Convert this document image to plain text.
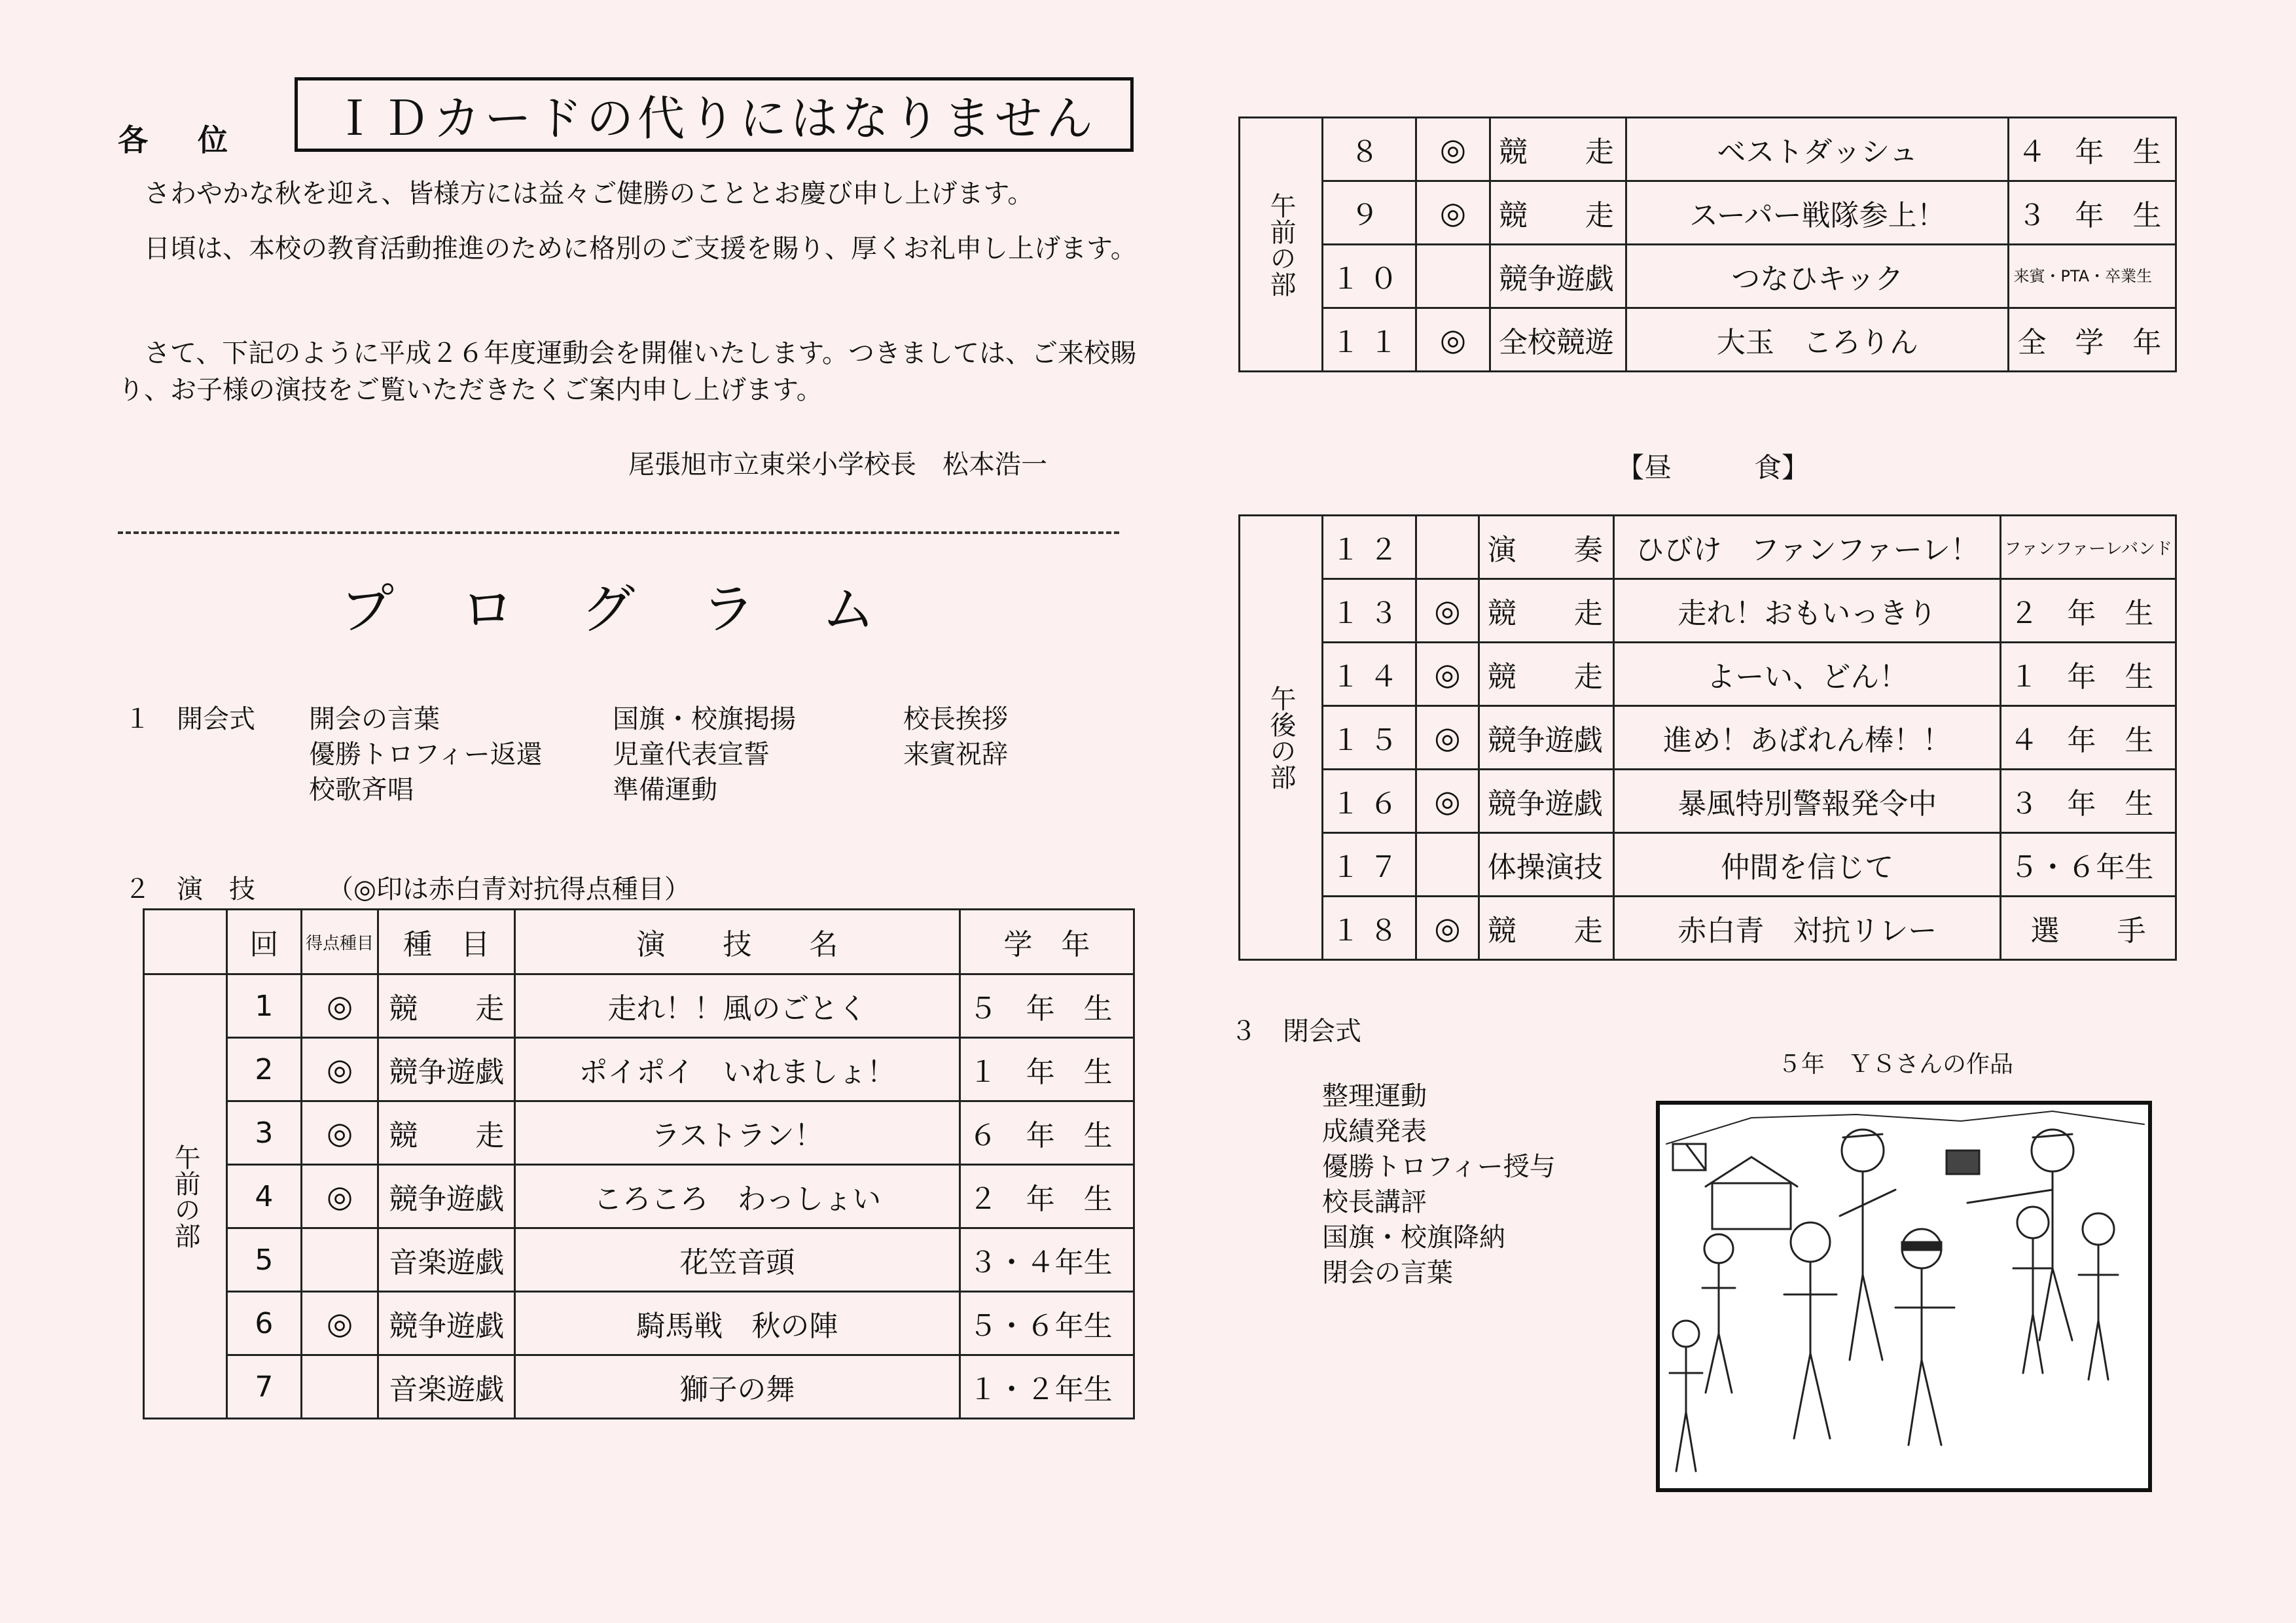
各 位	ＩＤカードの代りにはなりません
　さわやかな秋を迎え、皆様方には益々ご健勝のこととお慶び申し上げます。
　日頃は、本校の教育活動推進のために格別のご支援を賜り、厚くお礼申し上げます。
　さて、下記のように平成２６年度運動会を開催いたします。つきましては、ご来校賜り、お子様の演技をご覧いただきたくご案内申し上げます。
尾張旭市立東栄小学校長　松本浩一
プログラム
１　開会式 開会の言葉	国旗・校旗掲揚	校長挨拶
優勝トロフィー返還	児童代表宣誓	来賓祝辞
校歌斉唱	準備運動
２　演　技	（◎印は赤白青対抗得点種目）
	回	得点種目	種　目	演　　技　　名	学　年

午前の部	1	◎	競　　走	走れ！！風のごとく	５　年　生
	2	◎	競争遊戯	ポイポイ　いれましょ！	１　年　生
	3	◎	競　　走	ラストラン！	６　年　生
	4	◎	競争遊戯	ころころ　わっしょい	２　年　生
	5		音楽遊戯	花笠音頭	３・４年生
	6	◎	競争遊戯	騎馬戦　秋の陣	５・６年生
	7		音楽遊戯	獅子の舞	１・２年生
午前の部	８	◎	競　　走	ベストダッシュ	４　年　生
	９	◎	競　　走	スーパー戦隊参上！	３　年　生
	１０		競争遊戯	つなひキック	来賓・PTA・卒業生
	１１	◎	全校競遊	大玉　ころりん	全　学　年
【昼　　　食】
午後の部	１２		演　　奏	ひびけ　ファンファーレ！	ファンファーレバンド
	１３	◎	競　　走	走れ！おもいっきり	２　年　生
	１４	◎	競　　走	よーい、どん！	１　年　生
	１５	◎	競争遊戯	進め！あばれん棒！！	４　年　生
	１６	◎	競争遊戯	暴風特別警報発令中	３　年　生
	１７		体操演技	仲間を信じて	５・６年生
	１８	◎	競　　走	赤白青　対抗リレー	選　　手
３　閉会式
整理運動
成績発表
優勝トロフィー授与
校長講評
国旗・校旗降納
閉会の言葉
５年　ＹＳさんの作品
